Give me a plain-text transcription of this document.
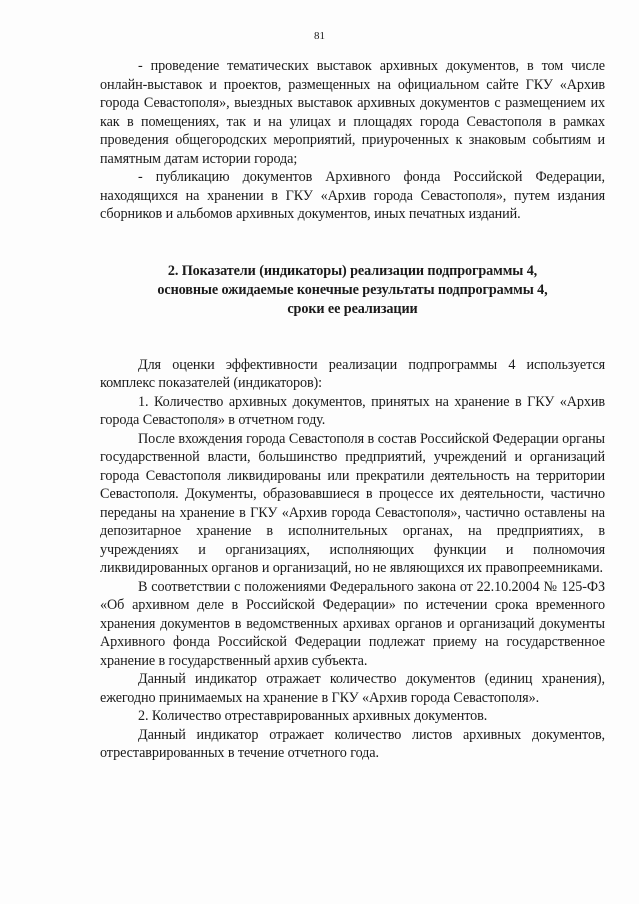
81

- проведение тематических выставок архивных документов, в том числе онлайн-выставок и проектов, размещенных на официальном сайте ГКУ «Архив города Севастополя», выездных выставок архивных документов с размещением их как в помещениях, так и на улицах и площадях города Севастополя в рамках проведения общегородских мероприятий, приуроченных к знаковым событиям и памятным датам истории города;

- публикацию документов Архивного фонда Российской Федерации, находящихся на хранении в ГКУ «Архив города Севастополя», путем издания сборников и альбомов архивных документов, иных печатных изданий.

2. Показатели (индикаторы) реализации подпрограммы 4,
основные ожидаемые конечные результаты подпрограммы 4,
сроки ее реализации

Для оценки эффективности реализации подпрограммы 4 используется комплекс показателей (индикаторов):

1. Количество архивных документов, принятых на хранение в ГКУ «Архив города Севастополя» в отчетном году.

После вхождения города Севастополя в состав Российской Федерации органы государственной власти, большинство предприятий, учреждений и организаций города Севастополя ликвидированы или прекратили деятельность на территории Севастополя. Документы, образовавшиеся в процессе их деятельности, частично переданы на хранение в ГКУ «Архив города Севастополя», частично оставлены на депозитарное хранение в исполнительных органах, на предприятиях, в учреждениях и организациях, исполняющих функции и полномочия ликвидированных органов и организаций, но не являющихся их правопреемниками.

В соответствии с положениями Федерального закона от 22.10.2004 № 125-ФЗ «Об архивном деле в Российской Федерации» по истечении срока временного хранения документов в ведомственных архивах органов и организаций документы Архивного фонда Российской Федерации подлежат приему на государственное хранение в государственный архив субъекта.

Данный индикатор отражает количество документов (единиц хранения), ежегодно принимаемых на хранение в ГКУ «Архив города Севастополя».

2. Количество отреставрированных архивных документов.

Данный индикатор отражает количество листов архивных документов, отреставрированных в течение отчетного года.
